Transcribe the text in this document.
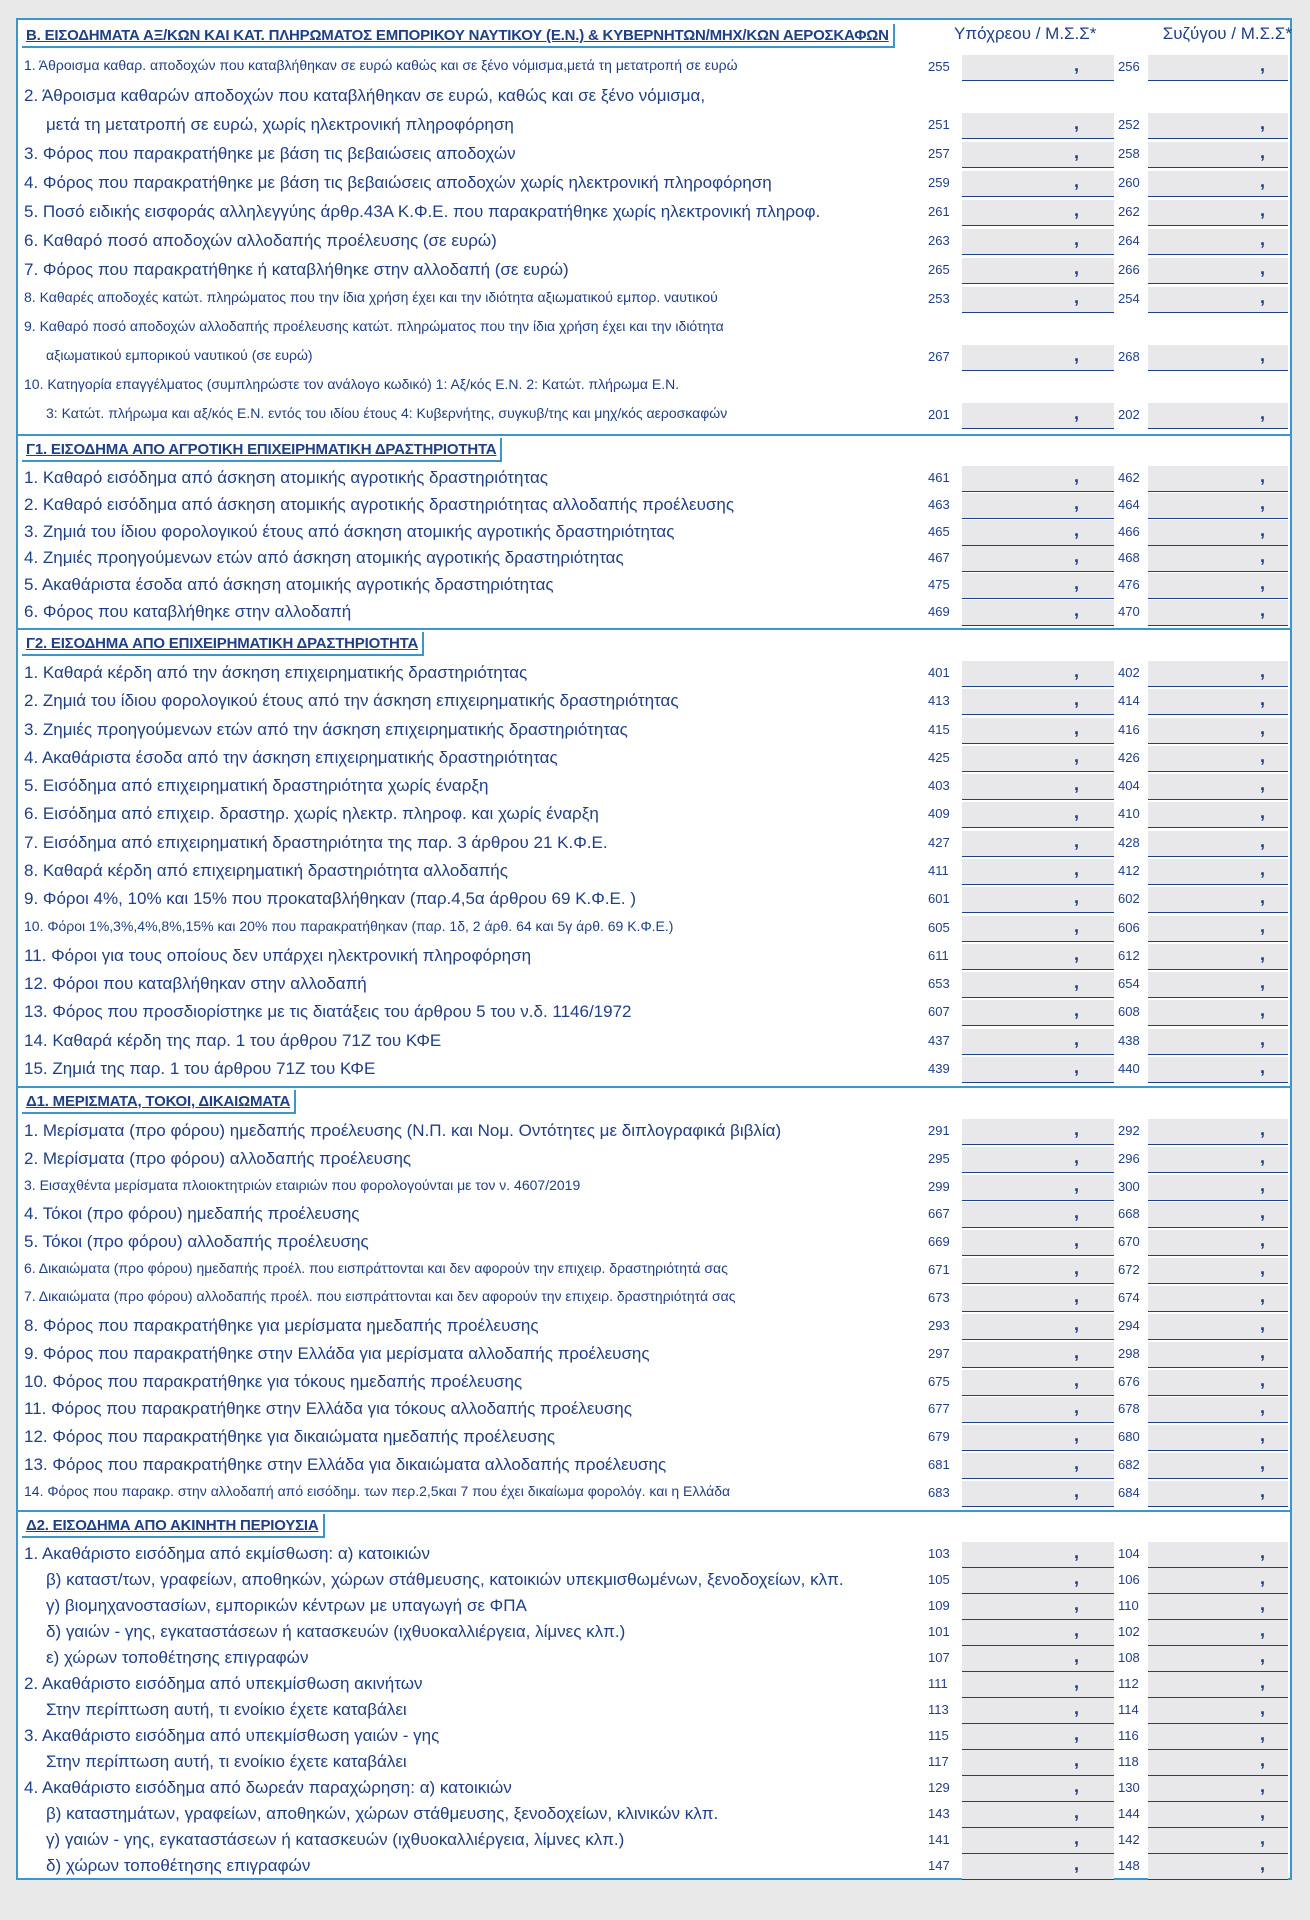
Β. ΕΙΣΟΔΗΜΑΤΑ ΑΞ/ΚΩΝ ΚΑΙ ΚΑΤ. ΠΛΗΡΩΜΑΤΟΣ ΕΜΠΟΡΙΚΟΥ ΝΑΥΤΙΚΟΥ (Ε.Ν.) & ΚΥΒΕΡΝΗΤΩΝ/ΜΗΧ/ΚΩΝ ΑΕΡΟΣΚΑΦΩΝ	Υπόχρεου / Μ.Σ.Σ*	Συζύγου / Μ.Σ.Σ*
1. Άθροισμα καθαρ. αποδοχών που καταβλήθηκαν σε ευρώ καθώς και σε ξένο νόμισμα,μετά τη μετατροπή σε ευρώ	255	,	256	,
2. Άθροισμα καθαρών αποδοχών που καταβλήθηκαν σε ευρώ, καθώς και σε ξένο νόμισμα,
μετά τη μετατροπή σε ευρώ, χωρίς ηλεκτρονική πληροφόρηση	251	,	252	,
3. Φόρος που παρακρατήθηκε με βάση τις βεβαιώσεις αποδοχών	257	,	258	,
4. Φόρος που παρακρατήθηκε με βάση τις βεβαιώσεις αποδοχών χωρίς ηλεκτρονική πληροφόρηση	259	,	260	,
5. Ποσό ειδικής εισφοράς αλληλεγγύης άρθρ.43Α Κ.Φ.Ε. που παρακρατήθηκε χωρίς ηλεκτρονική πληροφ.	261	,	262	,
6. Καθαρό ποσό αποδοχών αλλοδαπής προέλευσης (σε ευρώ)	263	,	264	,
7. Φόρος που παρακρατήθηκε ή καταβλήθηκε στην αλλοδαπή (σε ευρώ)	265	,	266	,
8. Καθαρές αποδοχές κατώτ. πληρώματος που την ίδια χρήση έχει και την ιδιότητα αξιωματικού εμπορ. ναυτικού	253	,	254	,
9. Καθαρό ποσό αποδοχών αλλοδαπής προέλευσης κατώτ. πληρώματος που την ίδια χρήση έχει και την ιδιότητα
αξιωματικού εμπορικού ναυτικού (σε ευρώ)	267	,	268	,
10. Κατηγορία επαγγέλματος (συμπληρώστε τον ανάλογο κωδικό) 1: Αξ/κός Ε.Ν. 2: Κατώτ. πλήρωμα Ε.Ν.
3: Κατώτ. πλήρωμα και αξ/κός Ε.Ν. εντός του ιδίου έτους 4: Κυβερνήτης, συγκυβ/της και μηχ/κός αεροσκαφών	201	,	202	,
Γ1. ΕΙΣΟΔΗΜΑ ΑΠΟ ΑΓΡΟΤΙΚΗ ΕΠΙΧΕΙΡΗΜΑΤΙΚΗ ΔΡΑΣΤΗΡΙΟΤΗΤΑ
1. Καθαρό εισόδημα από άσκηση ατομικής αγροτικής δραστηριότητας	461	,	462	,
2. Καθαρό εισόδημα από άσκηση ατομικής αγροτικής δραστηριότητας αλλοδαπής προέλευσης	463	,	464	,
3. Ζημιά του ίδιου φορολογικού έτους από άσκηση ατομικής αγροτικής δραστηριότητας	465	,	466	,
4. Ζημιές προηγούμενων ετών από άσκηση ατομικής αγροτικής δραστηριότητας	467	,	468	,
5. Ακαθάριστα έσοδα από άσκηση ατομικής αγροτικής δραστηριότητας	475	,	476	,
6. Φόρος που καταβλήθηκε στην αλλοδαπή	469	,	470	,
Γ2. ΕΙΣΟΔΗΜΑ ΑΠΟ ΕΠΙΧΕΙΡΗΜΑΤΙΚΗ ΔΡΑΣΤΗΡΙΟΤΗΤΑ
1. Καθαρά κέρδη από την άσκηση επιχειρηματικής δραστηριότητας	401	,	402	,
2. Ζημιά του ίδιου φορολογικού έτους από την άσκηση επιχειρηματικής δραστηριότητας	413	,	414	,
3. Ζημιές προηγούμενων ετών από την άσκηση επιχειρηματικής δραστηριότητας	415	,	416	,
4. Ακαθάριστα έσοδα από την άσκηση επιχειρηματικής δραστηριότητας	425	,	426	,
5. Εισόδημα από επιχειρηματική δραστηριότητα χωρίς έναρξη	403	,	404	,
6. Εισόδημα από επιχειρ. δραστηρ. χωρίς ηλεκτρ. πληροφ. και χωρίς έναρξη	409	,	410	,
7. Εισόδημα από επιχειρηματική δραστηριότητα της παρ. 3 άρθρου 21 Κ.Φ.Ε.	427	,	428	,
8. Καθαρά κέρδη από επιχειρηματική δραστηριότητα αλλοδαπής	411	,	412	,
9. Φόροι 4%, 10% και 15% που προκαταβλήθηκαν (παρ.4,5α άρθρου 69 Κ.Φ.Ε. )	601	,	602	,
10. Φόροι 1%,3%,4%,8%,15% και 20% που παρακρατήθηκαν (παρ. 1δ, 2 άρθ. 64 και 5γ άρθ. 69 Κ.Φ.Ε.)	605	,	606	,
11. Φόροι για τους οποίους δεν υπάρχει ηλεκτρονική πληροφόρηση	611	,	612	,
12. Φόροι που καταβλήθηκαν στην αλλοδαπή	653	,	654	,
13. Φόρος που προσδιορίστηκε με τις διατάξεις του άρθρου 5 του ν.δ. 1146/1972	607	,	608	,
14. Καθαρά κέρδη της παρ. 1 του άρθρου 71Ζ του ΚΦΕ	437	,	438	,
15. Ζημιά της παρ. 1 του άρθρου 71Ζ του ΚΦΕ	439	,	440	,
Δ1. ΜΕΡΙΣΜΑΤΑ, ΤΟΚΟΙ, ΔΙΚΑΙΩΜΑΤΑ
1. Μερίσματα (προ φόρου) ημεδαπής προέλευσης (Ν.Π. και Νομ. Οντότητες με διπλογραφικά βιβλία)	291	,	292	,
2. Μερίσματα (προ φόρου) αλλοδαπής προέλευσης	295	,	296	,
3. Εισαχθέντα μερίσματα πλοιοκτητριών εταιριών που φορολογούνται με τον ν. 4607/2019	299	,	300	,
4. Τόκοι (προ φόρου) ημεδαπής προέλευσης	667	,	668	,
5. Τόκοι (προ φόρου) αλλοδαπής προέλευσης	669	,	670	,
6. Δικαιώματα (προ φόρου) ημεδαπής προέλ. που εισπράττονται και δεν αφορούν την επιχειρ. δραστηριότητά σας	671	,	672	,
7. Δικαιώματα (προ φόρου) αλλοδαπής προέλ. που εισπράττονται και δεν αφορούν την επιχειρ. δραστηριότητά σας	673	,	674	,
8. Φόρος που παρακρατήθηκε για μερίσματα ημεδαπής προέλευσης	293	,	294	,
9. Φόρος που παρακρατήθηκε στην Ελλάδα για μερίσματα αλλοδαπής προέλευσης	297	,	298	,
10. Φόρος που παρακρατήθηκε για τόκους ημεδαπής προέλευσης	675	,	676	,
11. Φόρος που παρακρατήθηκε στην Ελλάδα για τόκους αλλοδαπής προέλευσης	677	,	678	,
12. Φόρος που παρακρατήθηκε για δικαιώματα ημεδαπής προέλευσης	679	,	680	,
13. Φόρος που παρακρατήθηκε στην Ελλάδα για δικαιώματα αλλοδαπής προέλευσης	681	,	682	,
14. Φόρος που παρακρ. στην αλλοδαπή από εισόδημ. των περ.2,5και 7 που έχει δικαίωμα φορολόγ. και η Ελλάδα	683	,	684	,
Δ2. ΕΙΣΟΔΗΜΑ ΑΠΟ ΑΚΙΝΗΤΗ ΠΕΡΙΟΥΣΙΑ
1. Ακαθάριστο εισόδημα από εκμίσθωση: α) κατοικιών	103	,	104	,
β) καταστ/των, γραφείων, αποθηκών, χώρων στάθμευσης, κατοικιών υπεκμισθωμένων, ξενοδοχείων, κλπ.	105	,	106	,
γ) βιομηχανοστασίων, εμπορικών κέντρων με υπαγωγή σε ΦΠΑ	109	,	110	,
δ) γαιών - γης, εγκαταστάσεων ή κατασκευών (ιχθυοκαλλιέργεια, λίμνες κλπ.)	101	,	102	,
ε) χώρων τοποθέτησης επιγραφών	107	,	108	,
2. Ακαθάριστο εισόδημα από υπεκμίσθωση ακινήτων	111	,	112	,
Στην περίπτωση αυτή, τι ενοίκιο έχετε καταβάλει	113	,	114	,
3. Ακαθάριστο εισόδημα από υπεκμίσθωση γαιών - γης	115	,	116	,
Στην περίπτωση αυτή, τι ενοίκιο έχετε καταβάλει	117	,	118	,
4. Ακαθάριστο εισόδημα από δωρεάν παραχώρηση: α) κατοικιών	129	,	130	,
β) καταστημάτων, γραφείων, αποθηκών, χώρων στάθμευσης, ξενοδοχείων, κλινικών κλπ.	143	,	144	,
γ) γαιών - γης, εγκαταστάσεων ή κατασκευών (ιχθυοκαλλιέργεια, λίμνες κλπ.)	141	,	142	,
δ) χώρων τοποθέτησης επιγραφών	147	,	148	,
